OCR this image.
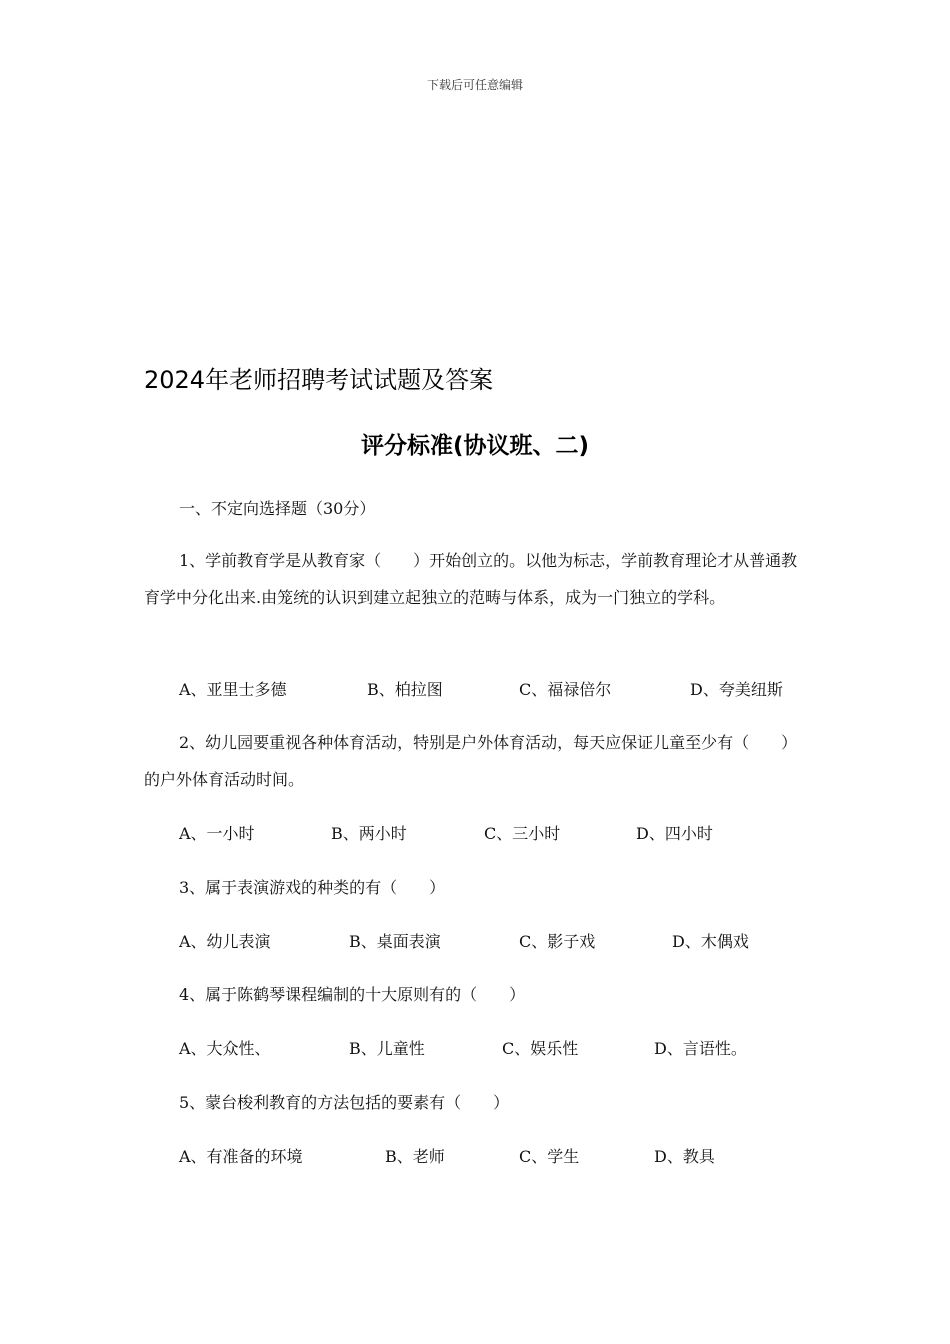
下载后可任意编辑
2024年老师招聘考试试题及答案
评分标准(协议班、二)
一、不定向选择题（30分）

1、学前教育学是从教育家（　　）开始创立的。以他为标志，学前教育理论才从普通教育学中分化出来.由笼统的认识到建立起独立的范畴与体系，成为一门独立的学科。

A、亚里士多德	B、柏拉图	C、福禄倍尔	D、夸美纽斯

2、幼儿园要重视各种体育活动，特别是户外体育活动，每天应保证儿童至少有（　　）的户外体育活动时间。

A、一小时	B、两小时	C、三小时	D、四小时
3、属于表演游戏的种类的有（　　）
A、幼儿表演	B、桌面表演	C、影子戏	D、木偶戏
4、属于陈鹤琴课程编制的十大原则有的（　　）
A、大众性、	B、儿童性	C、娱乐性	D、言语性。
5、蒙台梭利教育的方法包括的要素有（　　）
A、有准备的环境	B、老师	C、学生	D、教具
